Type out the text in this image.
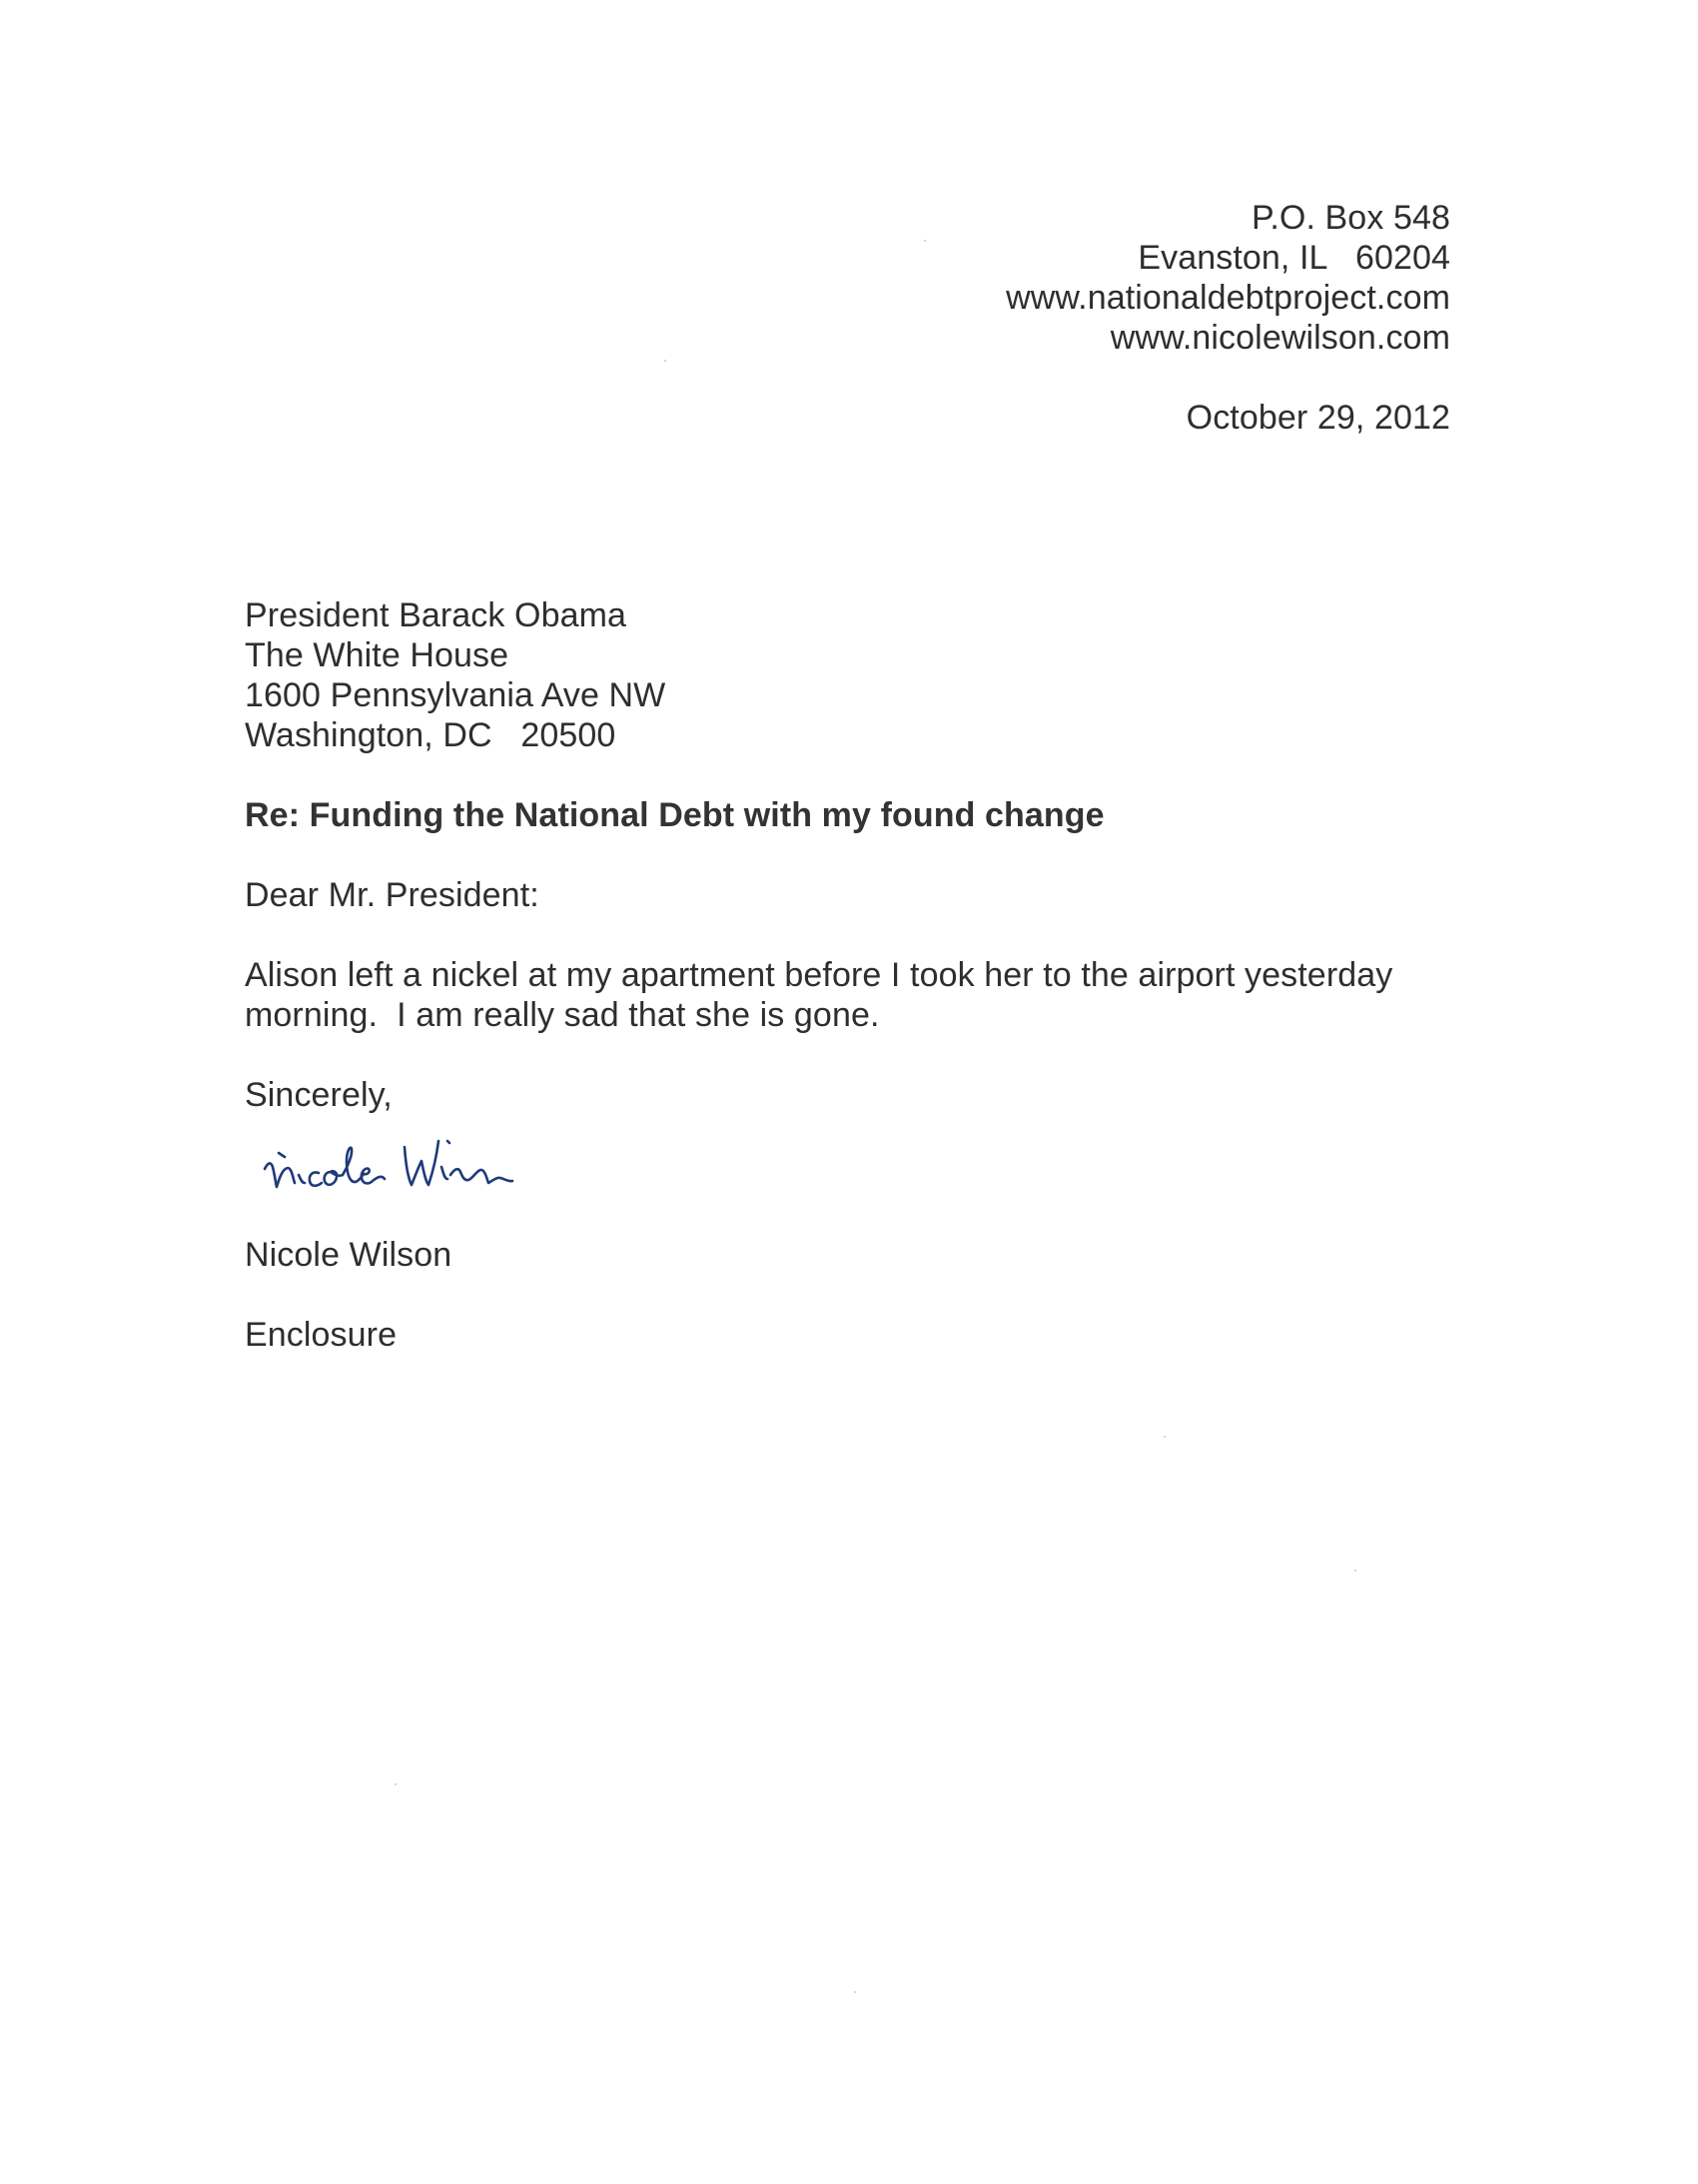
P.O. Box 548
Evanston, IL   60204
www.nationaldebtproject.com
www.nicolewilson.com
October 29, 2012
President Barack Obama
The White House
1600 Pennsylvania Ave NW
Washington, DC   20500
Re: Funding the National Debt with my found change
Dear Mr. President:
Alison left a nickel at my apartment before I took her to the airport yesterday
morning.  I am really sad that she is gone.
Sincerely,
Nicole Wilson
Enclosure
